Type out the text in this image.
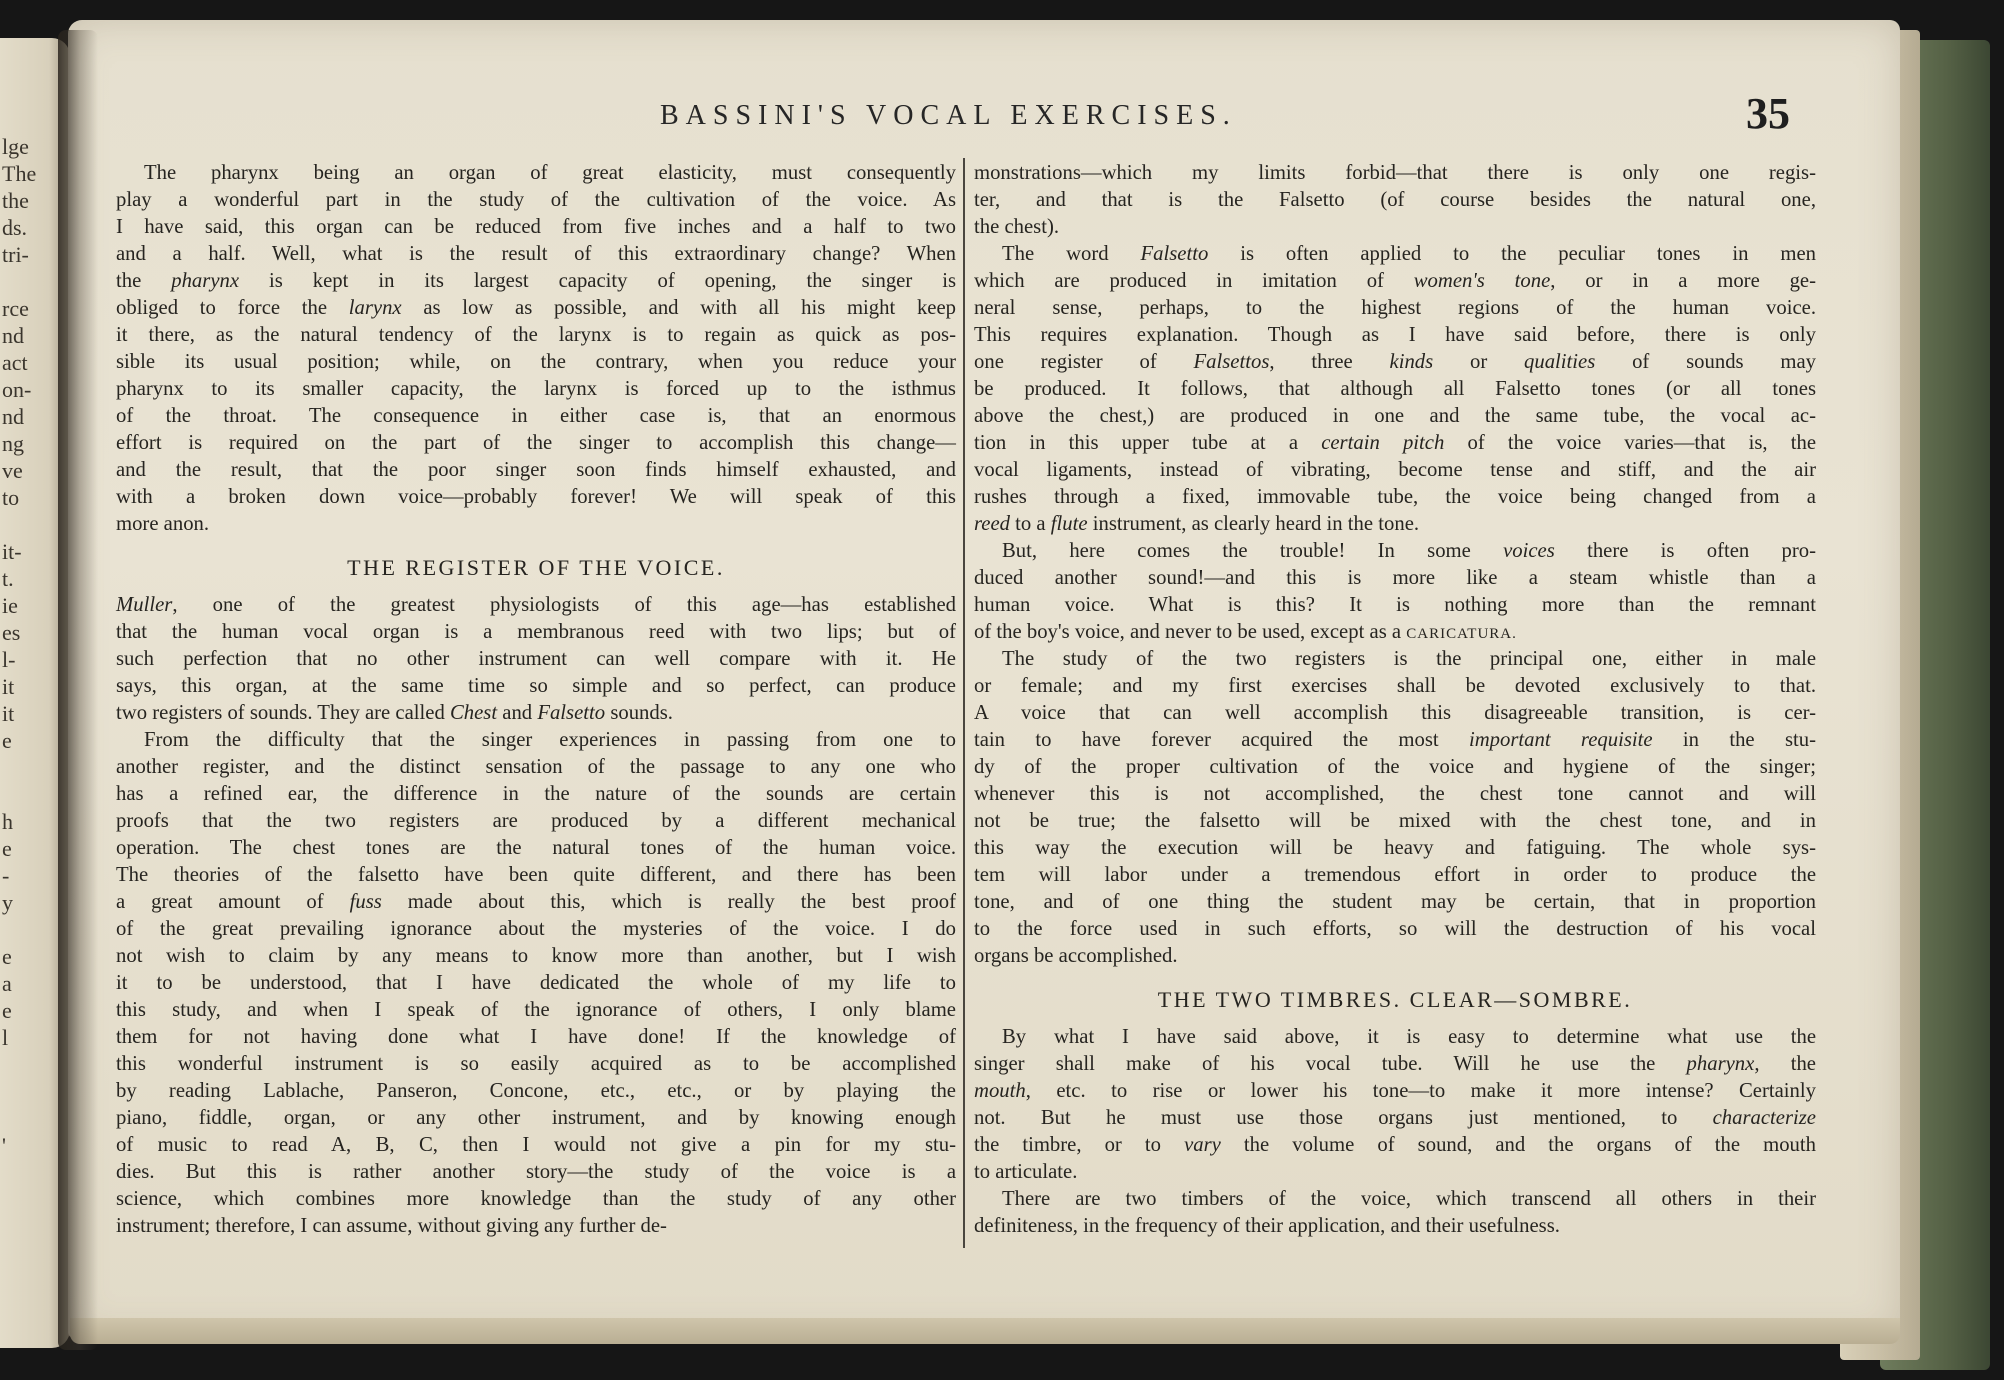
lge
The
the
ds.
tri-
rce
nd
act
on-
nd
ng
ve
to
it-
t.
ie
es
l-
it
it
e
h
e
-
y
e
a
e
l
'
BASSINI'S VOCAL EXERCISES.	35
The pharynx being an organ of great elasticity, must consequently
play a wonderful part in the study of the cultivation of the voice. As
I have said, this organ can be reduced from five inches and a half to two
and a half. Well, what is the result of this extraordinary change? When
the pharynx is kept in its largest capacity of opening, the singer is
obliged to force the larynx as low as possible, and with all his might keep
it there, as the natural tendency of the larynx is to regain as quick as pos-
sible its usual position; while, on the contrary, when you reduce your
pharynx to its smaller capacity, the larynx is forced up to the isthmus
of the throat. The consequence in either case is, that an enormous
effort is required on the part of the singer to accomplish this change—
and the result, that the poor singer soon finds himself exhausted, and
with a broken down voice—probably forever! We will speak of this
more anon.
THE REGISTER OF THE VOICE.
Muller, one of the greatest physiologists of this age—has established
that the human vocal organ is a membranous reed with two lips; but of
such perfection that no other instrument can well compare with it. He
says, this organ, at the same time so simple and so perfect, can produce
two registers of sounds. They are called Chest and Falsetto sounds.
From the difficulty that the singer experiences in passing from one to
another register, and the distinct sensation of the passage to any one who
has a refined ear, the difference in the nature of the sounds are certain
proofs that the two registers are produced by a different mechanical
operation. The chest tones are the natural tones of the human voice.
The theories of the falsetto have been quite different, and there has been
a great amount of fuss made about this, which is really the best proof
of the great prevailing ignorance about the mysteries of the voice. I do
not wish to claim by any means to know more than another, but I wish
it to be understood, that I have dedicated the whole of my life to
this study, and when I speak of the ignorance of others, I only blame
them for not having done what I have done! If the knowledge of
this wonderful instrument is so easily acquired as to be accomplished
by reading Lablache, Panseron, Concone, etc., etc., or by playing the
piano, fiddle, organ, or any other instrument, and by knowing enough
of music to read A, B, C, then I would not give a pin for my stu-
dies. But this is rather another story—the study of the voice is a
science, which combines more knowledge than the study of any other
instrument; therefore, I can assume, without giving any further de-
monstrations—which my limits forbid—that there is only one regis-
ter, and that is the Falsetto (of course besides the natural one,
the chest).
The word Falsetto is often applied to the peculiar tones in men
which are produced in imitation of women's tone, or in a more ge-
neral sense, perhaps, to the highest regions of the human voice.
This requires explanation. Though as I have said before, there is only
one register of Falsettos, three kinds or qualities of sounds may
be produced. It follows, that although all Falsetto tones (or all tones
above the chest,) are produced in one and the same tube, the vocal ac-
tion in this upper tube at a certain pitch of the voice varies—that is, the
vocal ligaments, instead of vibrating, become tense and stiff, and the air
rushes through a fixed, immovable tube, the voice being changed from a
reed to a flute instrument, as clearly heard in the tone.
But, here comes the trouble! In some voices there is often pro-
duced another sound!—and this is more like a steam whistle than a
human voice. What is this? It is nothing more than the remnant
of the boy's voice, and never to be used, except as a CARICATURA.
The study of the two registers is the principal one, either in male
or female; and my first exercises shall be devoted exclusively to that.
A voice that can well accomplish this disagreeable transition, is cer-
tain to have forever acquired the most important requisite in the stu-
dy of the proper cultivation of the voice and hygiene of the singer;
whenever this is not accomplished, the chest tone cannot and will
not be true; the falsetto will be mixed with the chest tone, and in
this way the execution will be heavy and fatiguing. The whole sys-
tem will labor under a tremendous effort in order to produce the
tone, and of one thing the student may be certain, that in proportion
to the force used in such efforts, so will the destruction of his vocal
organs be accomplished.
THE TWO TIMBRES. CLEAR—SOMBRE.
By what I have said above, it is easy to determine what use the
singer shall make of his vocal tube. Will he use the pharynx, the
mouth, etc. to rise or lower his tone—to make it more intense? Certainly
not. But he must use those organs just mentioned, to characterize
the timbre, or to vary the volume of sound, and the organs of the mouth
to articulate.
There are two timbers of the voice, which transcend all others in their
definiteness, in the frequency of their application, and their usefulness.
